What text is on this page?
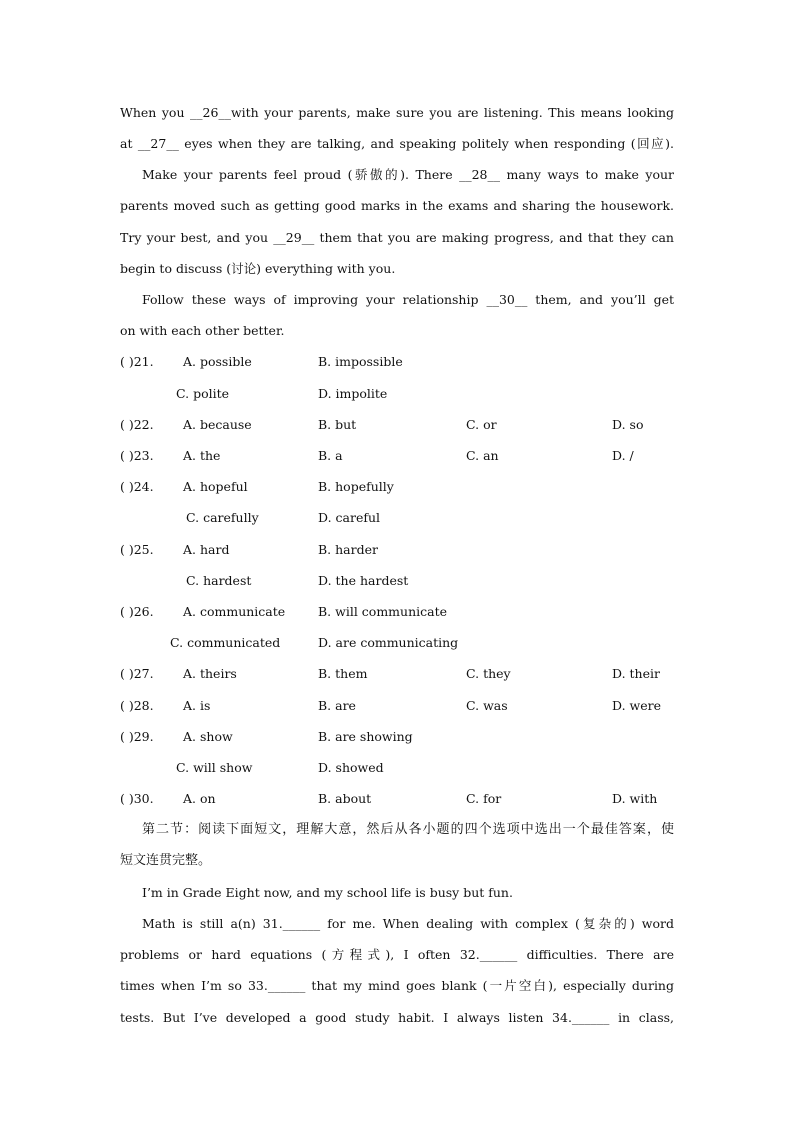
When you __26__with your parents, make sure you are listening. This means looking
at __27__ eyes when they are talking, and speaking politely when responding (回应).
Make your parents feel proud (骄傲的). There __28__ many ways to make your
parents moved such as getting good marks in the exams and sharing the housework.
Try your best, and you __29__ them that you are making progress, and that they can
begin to discuss (讨论) everything with you.
Follow these ways of improving your relationship __30__ them, and you’ll get
on with each other better.
( )21. A. possible	B. impossible
C. polite	D. impolite
( )22. A. because	B. but	C. or	D. so
( )23. A. the	B. a	C. an	D. /
( )24. A. hopeful	B. hopefully
C. carefully	D. careful
( )25. A. hard	B. harder
C. hardest	D. the hardest
( )26. A. communicate	B. will communicate
C. communicated	D. are communicating
( )27. A. theirs	B. them	C. they	D. their
( )28. A. is	B. are	C. was	D. were
( )29. A. show	B. are showing
C. will show	D. showed
( )30. A. on	B. about	C. for	D. with
第二节：阅读下面短文，理解大意，然后从各小题的四个选项中选出一个最佳答案，使
短文连贯完整。
I’m in Grade Eight now, and my school life is busy but fun.
Math is still a(n) 31.______ for me. When dealing with complex (复杂的) word
problems or hard equations (方程式), I often 32.______ difficulties. There are
times when I’m so 33.______ that my mind goes blank (一片空白), especially during
tests. But I’ve developed a good study habit. I always listen 34.______ in class,
